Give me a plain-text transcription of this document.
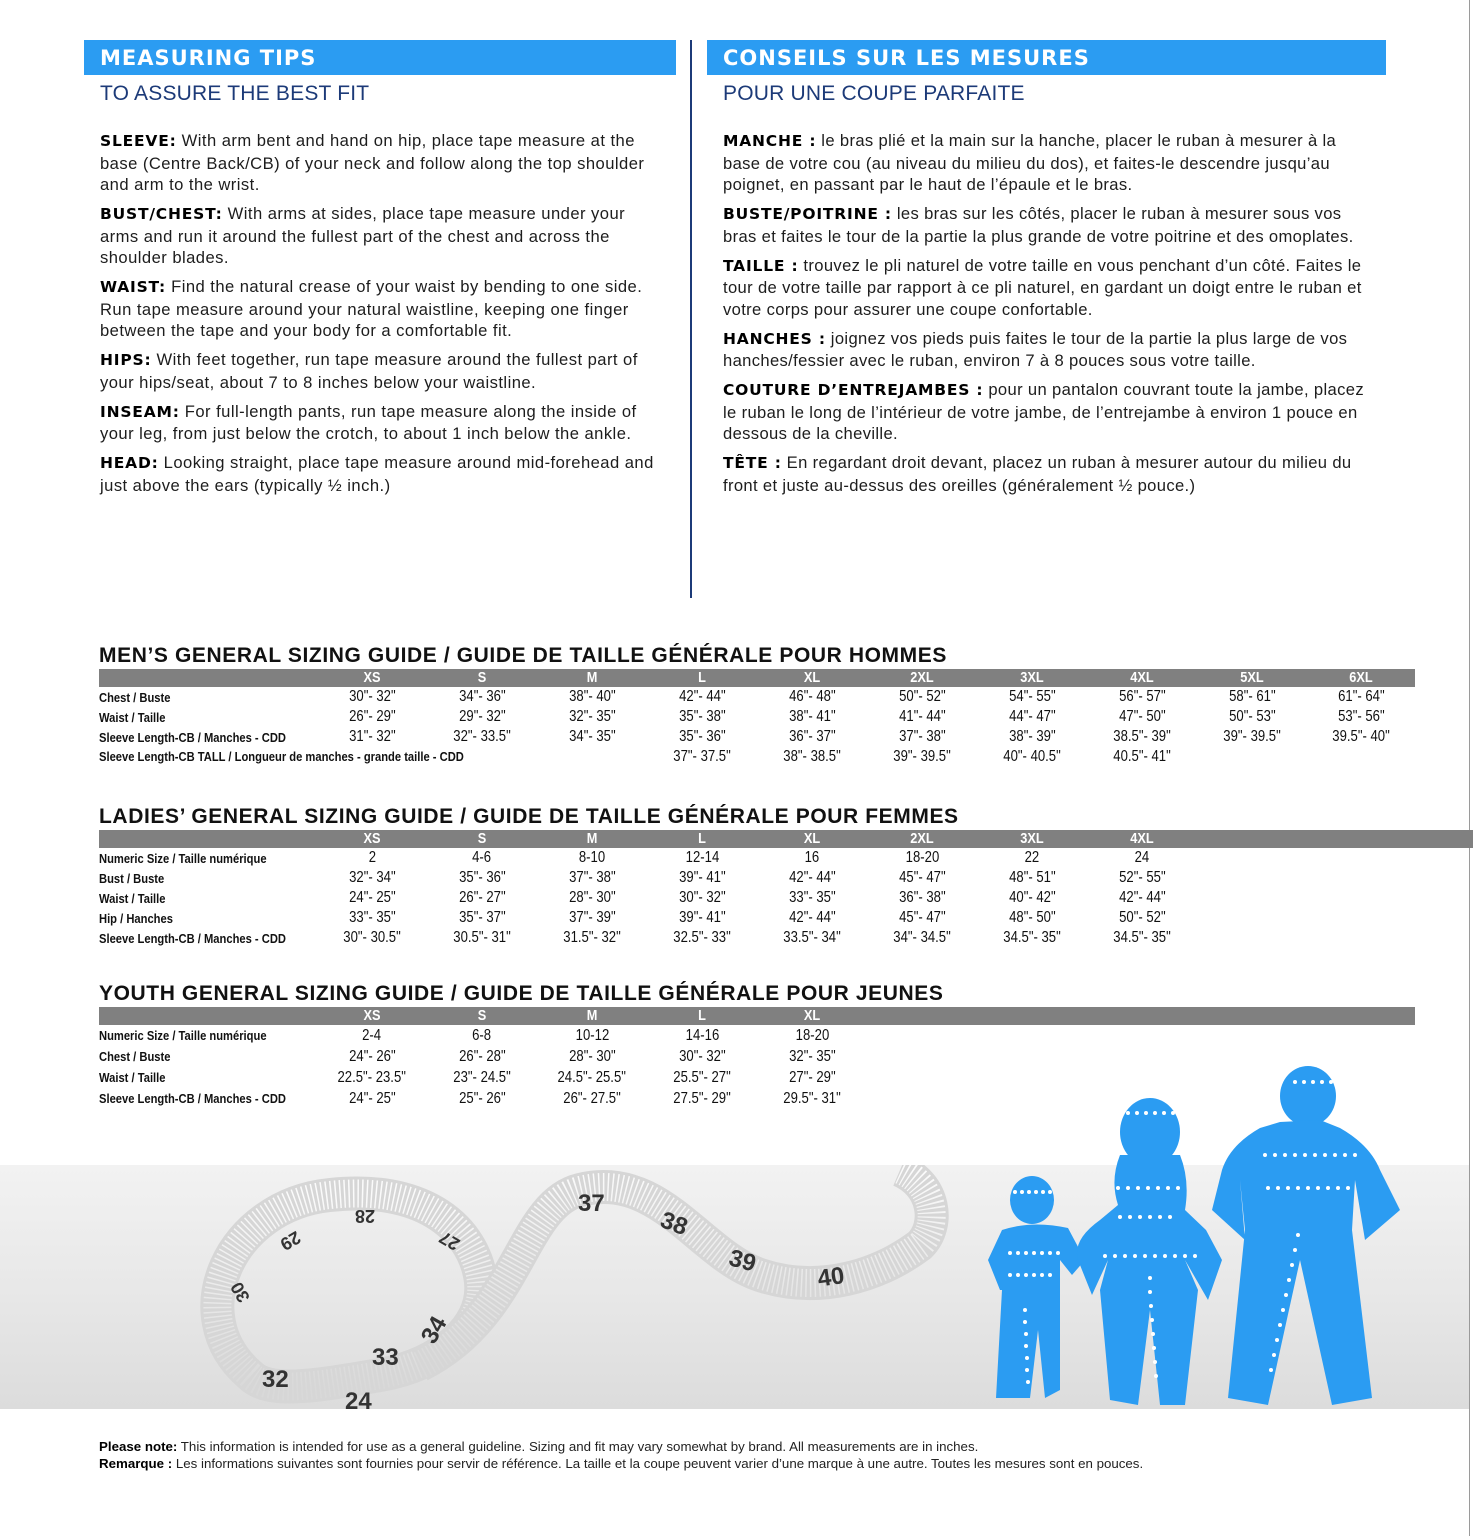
MEASURING TIPS
TO ASSURE THE BEST FIT

SLEEVE: With arm bent and hand on hip, place tape measure at the base (Centre Back/CB) of your neck and follow along the top shoulder and arm to the wrist.

BUST/CHEST: With arms at sides, place tape measure under your arms and run it around the fullest part of the chest and across the shoulder blades.

WAIST: Find the natural crease of your waist by bending to one side. Run tape measure around your natural waistline, keeping one finger between the tape and your body for a comfortable fit.

HIPS: With feet together, run tape measure around the fullest part of your hips/seat, about 7 to 8 inches below your waistline.

INSEAM: For full-length pants, run tape measure along the inside of your leg, from just below the crotch, to about 1 inch below the ankle.

HEAD: Looking straight, place tape measure around mid-forehead and just above the ears (typically ½ inch.)

CONSEILS SUR LES MESURES
POUR UNE COUPE PARFAITE

MANCHE : le bras plié et la main sur la hanche, placer le ruban à mesurer à la base de votre cou (au niveau du milieu du dos), et faites-le descendre jusqu’au poignet, en passant par le haut de l’épaule et le bras.

BUSTE/POITRINE : les bras sur les côtés, placer le ruban à mesurer sous vos bras et faites le tour de la partie la plus grande de votre poitrine et des omoplates.

TAILLE : trouvez le pli naturel de votre taille en vous penchant d’un côté. Faites le tour de votre taille par rapport à ce pli naturel, en gardant un doigt entre le ruban et votre corps pour assurer une coupe confortable.

HANCHES : joignez vos pieds puis faites le tour de la partie la plus large de vos hanches/fessier avec le ruban, environ 7 à 8 pouces sous votre taille.

COUTURE D’ENTREJAMBES : pour un pantalon couvrant toute la jambe, placez le ruban le long de l’intérieur de votre jambe, de l’entrejambe à environ 1 pouce en dessous de la cheville.

TÊTE : En regardant droit devant, placez un ruban à mesurer autour du milieu du front et juste au-dessus des oreilles (généralement ½ pouce.)

MEN’S GENERAL SIZING GUIDE / GUIDE DE TAILLE GÉNÉRALE POUR HOMMES
	XS	S	M	L	XL	2XL	3XL	4XL	5XL	6XL
Chest / Buste	30"- 32"	34"- 36"	38"- 40"	42"- 44"	46"- 48"	50"- 52"	54"- 55"	56"- 57"	58"- 61"	61"- 64"
Waist / Taille	26"- 29"	29"- 32"	32"- 35"	35"- 38"	38"- 41"	41"- 44"	44"- 47"	47"- 50"	50"- 53"	53"- 56"
Sleeve Length-CB / Manches - CDD	31"- 32"	32"- 33.5"	34"- 35"	35"- 36"	36"- 37"	37"- 38"	38"- 39"	38.5"- 39"	39"- 39.5"	39.5"- 40"

Sleeve Length-CB TALL / Longueur de manches - grande taille - CDD				37"- 37.5"	38"- 38.5"	39"- 39.5"	40"- 40.5"	40.5"- 41"		
LADIES’ GENERAL SIZING GUIDE / GUIDE DE TAILLE GÉNÉRALE POUR FEMMES
	XS	S	M	L	XL	2XL	3XL	4XL	
Numeric Size / Taille numérique	2	4-6	8-10	12-14	16	18-20	22	24	
Bust / Buste	32"- 34"	35"- 36"	37"- 38"	39"- 41"	42"- 44"	45"- 47"	48"- 51"	52"- 55"	
Waist / Taille	24"- 25"	26"- 27"	28"- 30"	30"- 32"	33"- 35"	36"- 38"	40"- 42"	42"- 44"	
Hip / Hanches	33"- 35"	35"- 37"	37"- 39"	39"- 41"	42"- 44"	45"- 47"	48"- 50"	50"- 52"	
Sleeve Length-CB / Manches - CDD	30"- 30.5"	30.5"- 31"	31.5"- 32"	32.5"- 33"	33.5"- 34"	34"- 34.5"	34.5"- 35"	34.5"- 35"	
YOUTH GENERAL SIZING GUIDE / GUIDE DE TAILLE GÉNÉRALE POUR JEUNES
	XS	S	M	L	XL	
Numeric Size / Taille numérique	2-4	6-8	10-12	14-16	18-20	
Chest / Buste	24"- 26"	26"- 28"	28"- 30"	30"- 32"	32"- 35"	
Waist / Taille	22.5"- 23.5"	23"- 24.5"	24.5"- 25.5"	25.5"- 27"	27"- 29"	
Sleeve Length-CB / Manches - CDD	24"- 25"	25"- 26"	26"- 27.5"	27.5"- 29"	29.5"- 31"	
32
33
34
24
37
38
39 40
30
29
28
27
Please note: This information is intended for use as a general guideline. Sizing and fit may vary somewhat by brand. All measurements are in inches.
Remarque : Les informations suivantes sont fournies pour servir de référence. La taille et la coupe peuvent varier d’une marque à une autre. Toutes les mesures sont en pouces.
